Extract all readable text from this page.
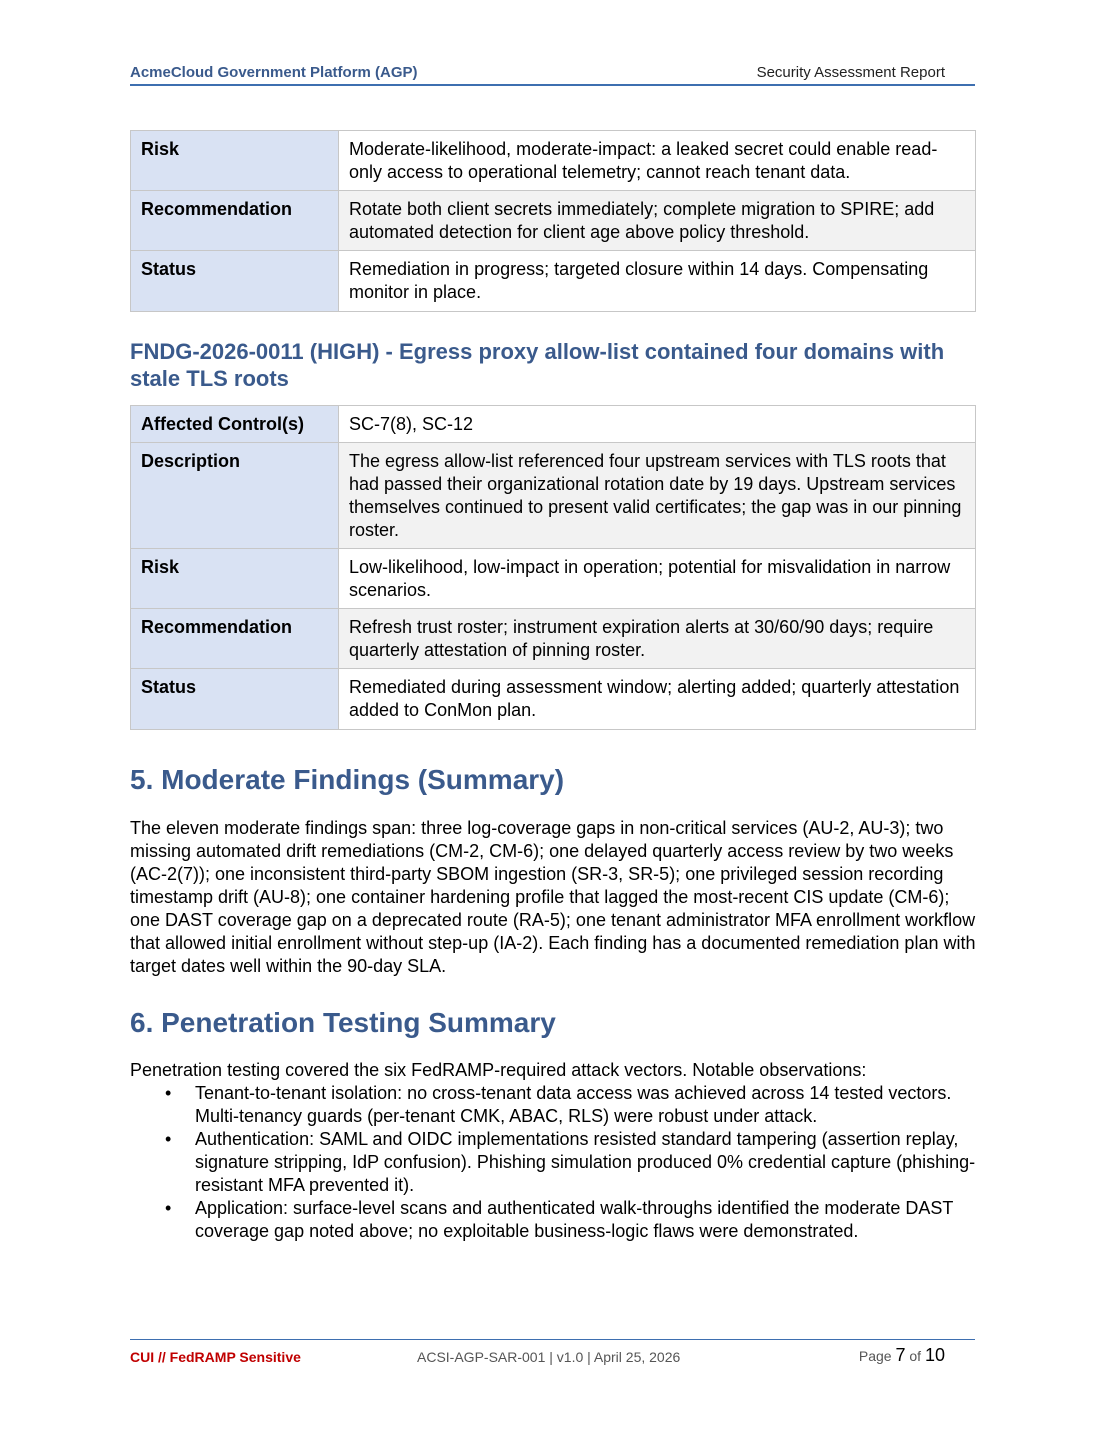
AcmeCloud Government Platform (AGP)	Security Assessment Report
Risk	Moderate-likelihood, moderate-impact: a leaked secret could enable read-only access to operational telemetry; cannot reach tenant data.
Recommendation	Rotate both client secrets immediately; complete migration to SPIRE; add automated detection for client age above policy threshold.
Status	Remediation in progress; targeted closure within 14 days. Compensating monitor in place.
FNDG-2026-0011 (HIGH) - Egress proxy allow-list contained four domains with stale TLS roots
Affected Control(s)	SC-7(8), SC-12
Description	The egress allow-list referenced four upstream services with TLS roots that had passed their organizational rotation date by 19 days. Upstream services themselves continued to present valid certificates; the gap was in our pinning roster.
Risk	Low-likelihood, low-impact in operation; potential for misvalidation in narrow scenarios.
Recommendation	Refresh trust roster; instrument expiration alerts at 30/60/90 days; require quarterly attestation of pinning roster.
Status	Remediated during assessment window; alerting added; quarterly attestation added to ConMon plan.
5. Moderate Findings (Summary)

The eleven moderate findings span: three log-coverage gaps in non-critical services (AU-2, AU-3); two missing automated drift remediations (CM-2, CM-6); one delayed quarterly access review by two weeks (AC-2(7)); one inconsistent third-party SBOM ingestion (SR-3, SR-5); one privileged session recording timestamp drift (AU-8); one container hardening profile that lagged the most-recent CIS update (CM-6); one DAST coverage gap on a deprecated route (RA-5); one tenant administrator MFA enrollment workflow that allowed initial enrollment without step-up (IA-2). Each finding has a documented remediation plan with target dates well within the 90-day SLA.

6. Penetration Testing Summary

Penetration testing covered the six FedRAMP-required attack vectors. Notable observations:

• Tenant-to-tenant isolation: no cross-tenant data access was achieved across 14 tested vectors. Multi-tenancy guards (per-tenant CMK, ABAC, RLS) were robust under attack.
• Authentication: SAML and OIDC implementations resisted standard tampering (assertion replay, signature stripping, IdP confusion). Phishing simulation produced 0% credential capture (phishing-resistant MFA prevented it).
• Application: surface-level scans and authenticated walk-throughs identified the moderate DAST coverage gap noted above; no exploitable business-logic flaws were demonstrated.
CUI // FedRAMP Sensitive	ACSI-AGP-SAR-001 | v1.0 | April 25, 2026	Page 7 of 10
